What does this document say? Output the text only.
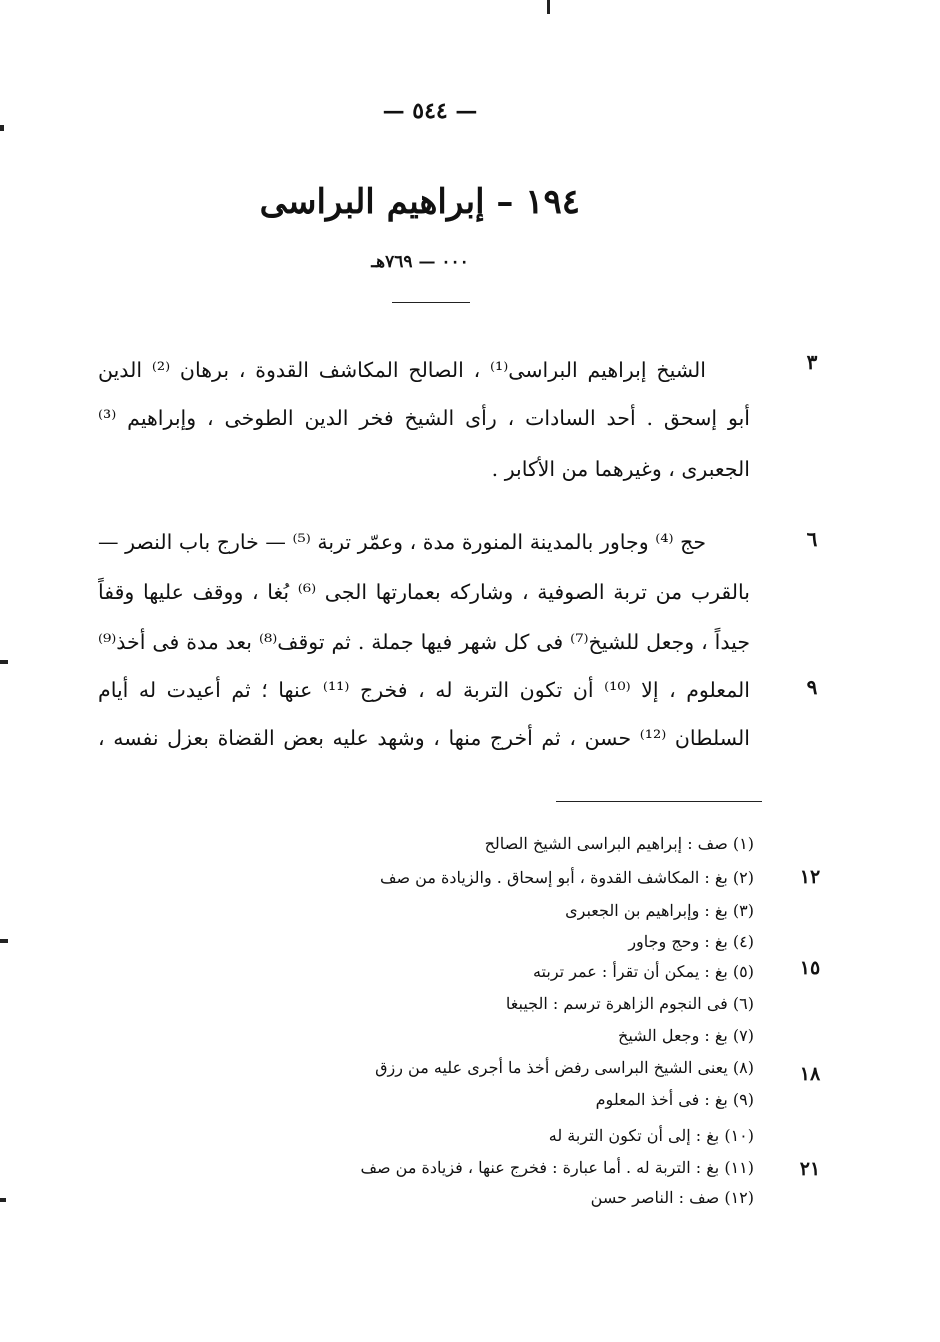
— ٥٤٤ —
١٩٤ – إبراهيم البراسى
٠٠٠ — ٧٦٩هـ
٣
٦
٩
الشيخ إبراهيم البراسى⁽¹⁾ ، الصالح المكاشف القدوة ، برهان ⁽²⁾ الدين
أبو إسحق . أحد السادات ، رأى الشيخ فخر الدين الطوخى ، وإبراهيم ⁽³⁾
الجعبرى ، وغيرهما من الأكابر .
حج ⁽⁴⁾ وجاور بالمدينة المنورة مدة ، وعمّر تربة ⁽⁵⁾ — خارج باب النصر —
بالقرب من تربة الصوفية ، وشاركه بعمارتها الجى ⁽⁶⁾ بُغا ، ووقف عليها وقفاً
جيداً ، وجعل للشيخ⁽⁷⁾ فى كل شهر فيها جملة . ثم توقف⁽⁸⁾ بعد مدة فى أخذ⁽⁹⁾
المعلوم ، إلا ⁽¹⁰⁾ أن تكون التربة له ، فخرج ⁽¹¹⁾ عنها ؛ ثم أعيدت له أيام
السلطان ⁽¹²⁾ حسن ، ثم أخرج منها ، وشهد عليه بعض القضاة بعزل نفسه ،
١٢
١٥
١٨
٢١
(١) صف : إبراهيم البراسى الشيخ الصالح
(٢) بغ : المكاشف القدوة ، أبو إسحاق . والزيادة من صف
(٣) بغ : وإبراهيم بن الجعبرى
(٤) بغ : وحج وجاور
(٥) بغ : يمكن أن تقرأ : عمر تربته
(٦) فى النجوم الزاهرة ترسم : الجيبغا
(٧) بغ : وجعل الشيخ
(٨) يعنى الشيخ البراسى رفض أخذ ما أجرى عليه من رزق
(٩) بغ : فى أخذ المعلوم
(١٠) بغ : إلى أن تكون التربة له
(١١) بغ : التربة له . أما عبارة : فخرج عنها ، فزيادة من صف
(١٢) صف : الناصر حسن
